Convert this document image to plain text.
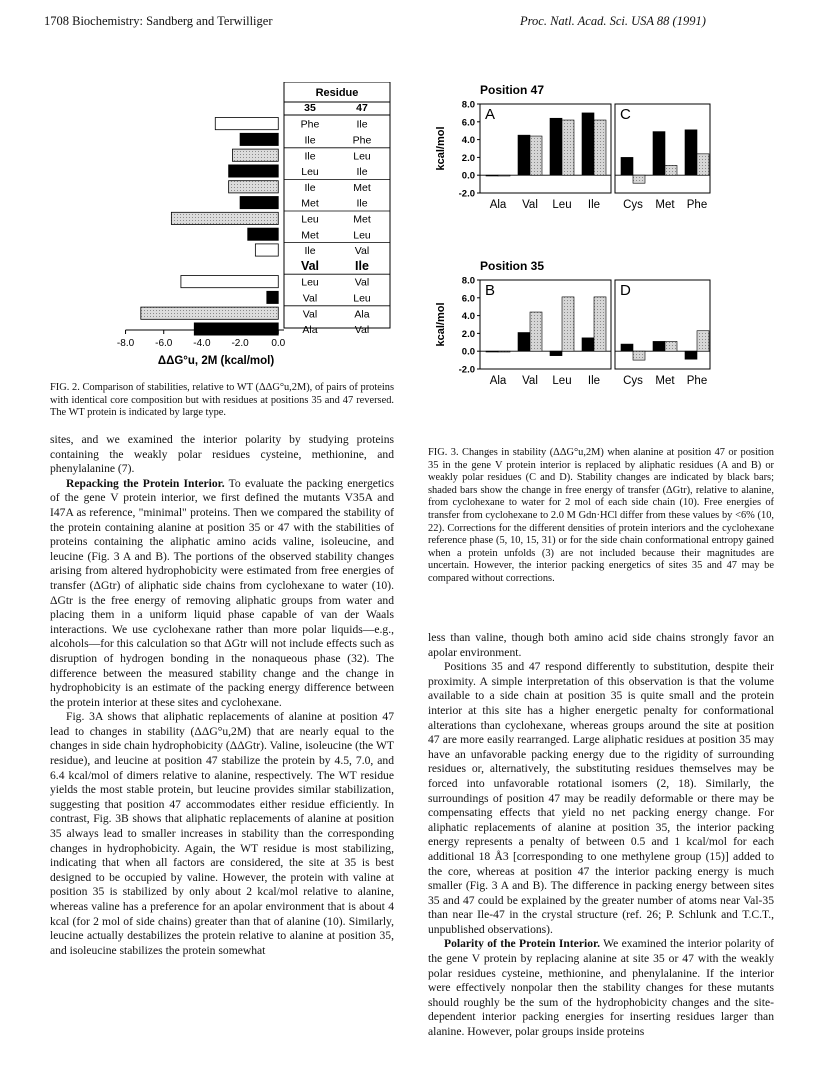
1708 Biochemistry: Sandberg and Terwilliger	Proc. Natl. Acad. Sci. USA 88 (1991)
Residue
35	47
Phe	Ile
Ile	Phe
Ile	Leu
Leu	Ile
Ile	Met
Met	Ile
Leu	Met
Met	Leu
Ile	Val
Val	Ile
Leu	Val
Val	Leu
Val	Ala
Ala	Val
-8.0 -6.0 -4.0 -2.0 0.0
ΔΔG°u, 2M (kcal/mol)
FIG. 2. Comparison of stabilities, relative to WT (ΔΔG°u,2M), of pairs of proteins with identical core composition but with residues at positions 35 and 47 reversed. The WT protein is indicated by large type.
Position 47
8.0
6.0
4.0
2.0
0.0
-2.0
kcal/mol
A	C
Ala Val Leu Ile Cys Met Phe
Position 35
8.0
6.0
4.0
2.0
0.0
-2.0
kcal/mol
B	D
Ala Val Leu Ile Cys Met Phe
FIG. 3. Changes in stability (ΔΔG°u,2M) when alanine at position 47 or position 35 in the gene V protein interior is replaced by aliphatic residues (A and B) or weakly polar residues (C and D). Stability changes are indicated by black bars; shaded bars show the change in free energy of transfer (ΔGtr), relative to alanine, from cyclohexane to water for 2 mol of each side chain (10). Free energies of transfer from cyclohexane to 2.0 M Gdn·HCl differ from these values by <6% (10, 22). Corrections for the different densities of protein interiors and the cyclohexane reference phase (5, 10, 15, 31) or for the side chain conformational entropy gained when a protein unfolds (3) are not included because their magnitudes are uncertain. However, the interior packing energetics of sites 35 and 47 may be compared without corrections.

sites, and we examined the interior polarity by studying proteins containing the weakly polar residues cysteine, methionine, and phenylalanine (7).

Repacking the Protein Interior. To evaluate the packing energetics of the gene V protein interior, we first defined the mutants V35A and I47A as reference, "minimal" proteins. Then we compared the stability of the protein containing alanine at position 35 or 47 with the stabilities of proteins containing the aliphatic amino acids valine, isoleucine, and leucine (Fig. 3 A and B). The portions of the observed stability changes arising from altered hydrophobicity were estimated from free energies of transfer (ΔGtr) of aliphatic side chains from cyclohexane to water (10). ΔGtr is the free energy of removing aliphatic groups from water and placing them in a uniform liquid phase capable of van der Waals interactions. We use cyclohexane rather than more polar liquids—e.g., alcohols—for this calculation so that ΔGtr will not include effects such as disruption of hydrogen bonding in the nonaqueous phase (32). The difference between the measured stability change and the change in hydrophobicity is an estimate of the packing energy difference between the protein interior at these sites and cyclohexane.

Fig. 3A shows that aliphatic replacements of alanine at position 47 lead to changes in stability (ΔΔG°u,2M) that are nearly equal to the changes in side chain hydrophobicity (ΔΔGtr). Valine, isoleucine (the WT residue), and leucine at position 47 stabilize the protein by 4.5, 7.0, and 6.4 kcal/mol of dimers relative to alanine, respectively. The WT residue yields the most stable protein, but leucine provides similar stabilization, suggesting that position 47 accommodates either residue efficiently. In contrast, Fig. 3B shows that aliphatic replacements of alanine at position 35 always lead to smaller increases in stability than the corresponding changes in hydrophobicity. Again, the WT residue is most stabilizing, indicating that when all factors are considered, the site at 35 is best designed to be occupied by valine. However, the protein with valine at position 35 is stabilized by only about 2 kcal/mol relative to alanine, whereas valine has a preference for an apolar environment that is about 4 kcal (for 2 mol of side chains) greater than that of alanine (10). Similarly, leucine actually destabilizes the protein relative to alanine at position 35, and isoleucine stabilizes the protein somewhat

less than valine, though both amino acid side chains strongly favor an apolar environment.

Positions 35 and 47 respond differently to substitution, despite their proximity. A simple interpretation of this observation is that the volume available to a side chain at position 35 is quite small and the protein interior at this site has a higher energetic penalty for conformational alterations than cyclohexane, whereas groups around the site at position 47 are more easily rearranged. Large aliphatic residues at position 35 may have an unfavorable packing energy due to the rigidity of surrounding residues or, alternatively, the substituting residues themselves may be forced into unfavorable rotational isomers (2, 18). Similarly, the surroundings of position 47 may be readily deformable or there may be compensating effects that yield no net packing energy change. For aliphatic replacements of alanine at position 35, the interior packing energy represents a penalty of between 0.5 and 1 kcal/mol for each additional 18 Å3 [corresponding to one methylene group (15)] added to the core, whereas at position 47 the interior packing energy is much smaller (Fig. 3 A and B). The difference in packing energy between sites 35 and 47 could be explained by the greater number of atoms near Val-35 than near Ile-47 in the crystal structure (ref. 26; P. Schlunk and T.C.T., unpublished observations).

Polarity of the Protein Interior. We examined the interior polarity of the gene V protein by replacing alanine at site 35 or 47 with the weakly polar residues cysteine, methionine, and phenylalanine. If the interior were effectively nonpolar then the stability changes for these mutants should roughly be the sum of the hydrophobicity changes and the site-dependent interior packing energies for inserting residues larger than alanine. However, polar groups inside proteins
